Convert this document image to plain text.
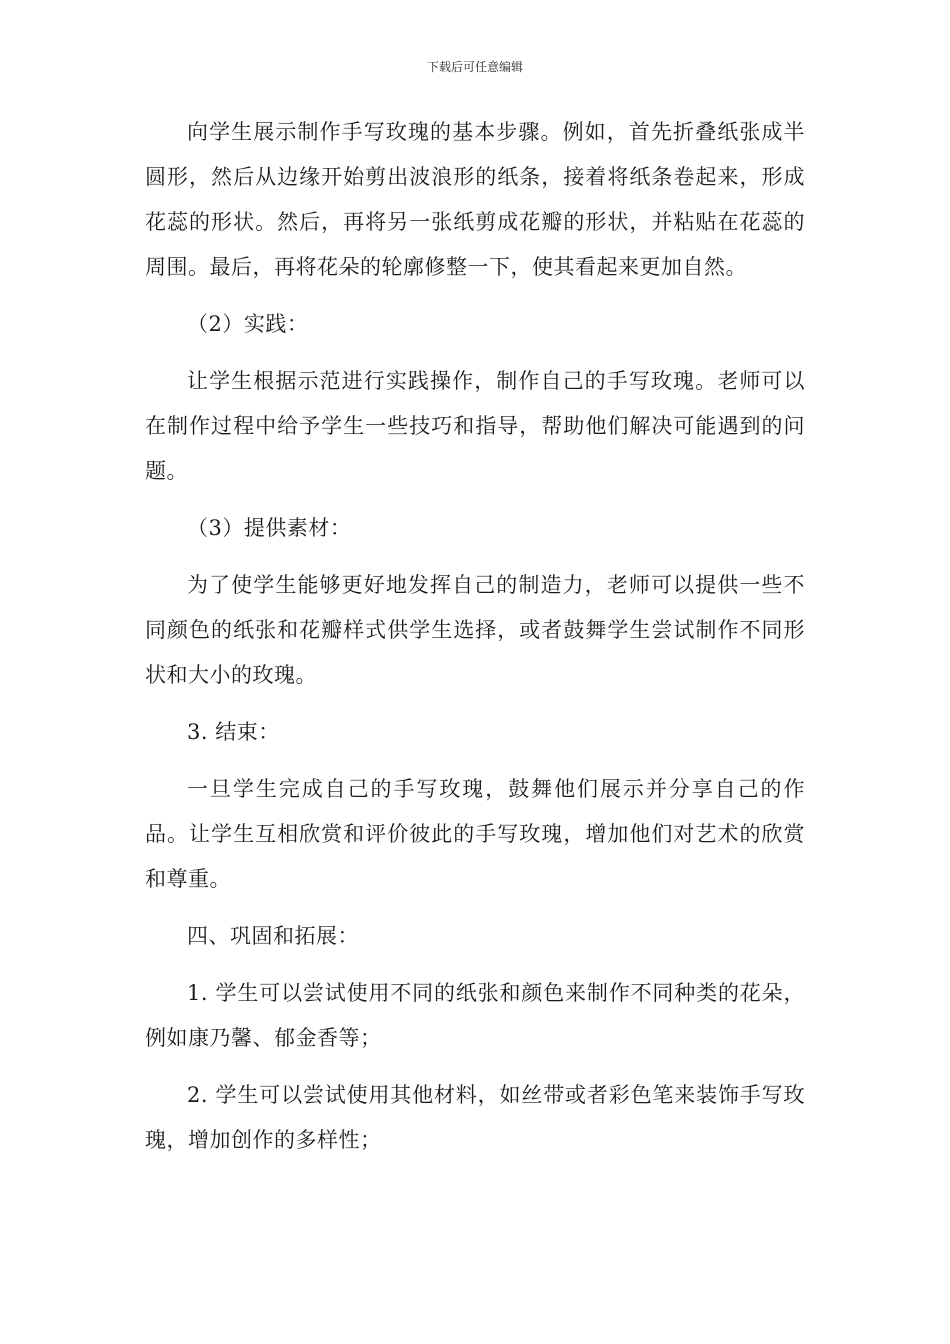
下载后可任意编辑

向学生展示制作手写玫瑰的基本步骤。例如，首先折叠纸张成半圆形，然后从边缘开始剪出波浪形的纸条，接着将纸条卷起来，形成花蕊的形状。然后，再将另一张纸剪成花瓣的形状，并粘贴在花蕊的周围。最后，再将花朵的轮廓修整一下，使其看起来更加自然。

（2）实践：

让学生根据示范进行实践操作，制作自己的手写玫瑰。老师可以在制作过程中给予学生一些技巧和指导，帮助他们解决可能遇到的问题。

（3）提供素材：

为了使学生能够更好地发挥自己的制造力，老师可以提供一些不同颜色的纸张和花瓣样式供学生选择，或者鼓舞学生尝试制作不同形状和大小的玫瑰。

3. 结束：

一旦学生完成自己的手写玫瑰，鼓舞他们展示并分享自己的作品。让学生互相欣赏和评价彼此的手写玫瑰，增加他们对艺术的欣赏和尊重。

四、巩固和拓展：

1. 学生可以尝试使用不同的纸张和颜色来制作不同种类的花朵，例如康乃馨、郁金香等；

2. 学生可以尝试使用其他材料，如丝带或者彩色笔来装饰手写玫瑰，增加创作的多样性；
